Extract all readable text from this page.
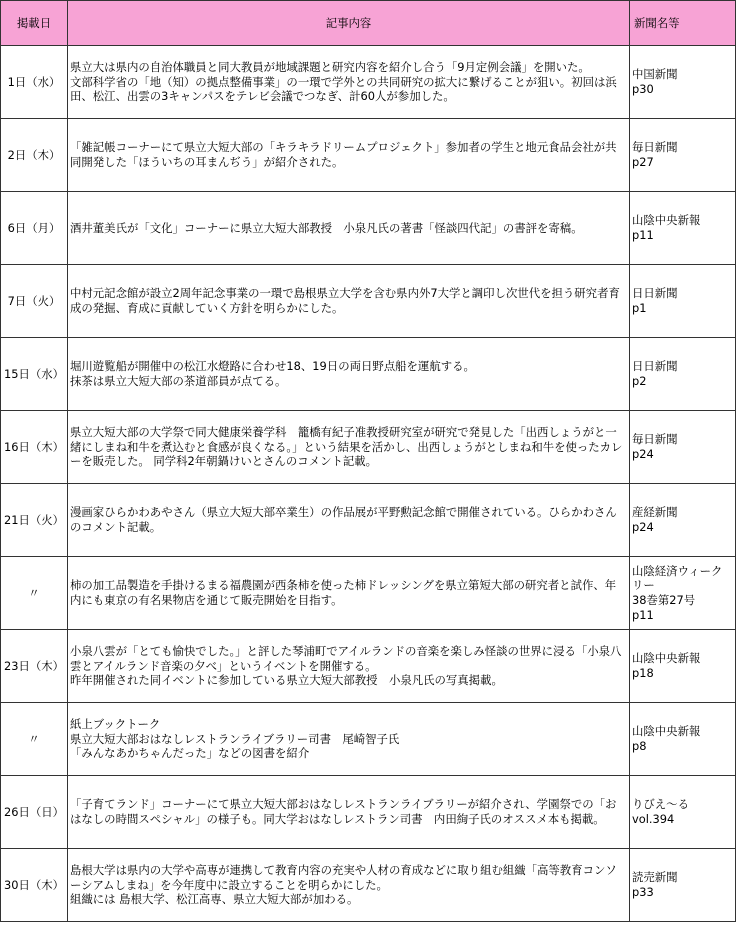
掲載日	記事内容	新聞名等
1日（水）	県立大は県内の自治体職員と同大教員が地域課題と研究内容を紹介し合う「9月定例会議」を開いた。
文部科学省の「地（知）の拠点整備事業」の一環で学外との共同研究の拡大に繋げることが狙い。初回は浜田、松江、出雲の3キャンパスをテレビ会議でつなぎ、計60人が参加した。	中国新聞
p30
2日（木）	「雑記帳コーナーにて県立大短大部の「キラキラドリームプロジェクト」参加者の学生と地元食品会社が共同開発した「ほういちの耳まんぢう」が紹介された。	毎日新聞
p27
6日（月）	酒井董美氏が「文化」コーナーに県立大短大部教授　小泉凡氏の著書「怪談四代記」の書評を寄稿。	山陰中央新報
p11
7日（火）	中村元記念館が設立2周年記念事業の一環で島根県立大学を含む県内外7大学と調印し次世代を担う研究者育成の発掘、育成に貢献していく方針を明らかにした。	日日新聞
p1
15日（水）	堀川遊覧船が開催中の松江水燈路に合わせ18、19日の両日野点船を運航する。
抹茶は県立大短大部の茶道部員が点てる。	日日新聞
p2
16日（木）	県立大短大部の大学祭で同大健康栄養学科　籠橋有紀子准教授研究室が研究で発見した「出西しょうがと一緒にしまね和牛を煮込むと食感が良くなる。」という結果を活かし、出西しょうがとしまね和牛を使ったカレーを販売した。 同学科2年朝鍋けいとさんのコメント記載。	毎日新聞
p24
21日（火）	漫画家ひらかわあやさん（県立大短大部卒業生）の作品展が平野勲記念館で開催されている。ひらかわさんのコメント記載。	産経新聞
p24
〃	柿の加工品製造を手掛けるまる福農園が西条柿を使った柿ドレッシングを県立第短大部の研究者と試作、年内にも東京の有名果物店を通じて販売開始を目指す。	山陰経済ウィークリー
38巻第27号
p11
23日（木）	小泉八雲が「とても愉快でした。」と評した琴浦町でアイルランドの音楽を楽しみ怪談の世界に浸る「小泉八雲とアイルランド音楽の夕べ」というイベントを開催する。
昨年開催された同イベントに参加している県立大短大部教授　小泉凡氏の写真掲載。	山陰中央新報
p18
〃	紙上ブックトーク
県立大短大部おはなしレストランライブラリー司書　尾崎智子氏
「みんなあかちゃんだった」などの図書を紹介	山陰中央新報
p8
26日（日）	「子育てランド」コーナーにて県立大短大部おはなしレストランライブラリーが紹介され、学園祭での「おはなしの時間スペシャル」の様子も。同大学おはなしレストラン司書　内田絢子氏のオススメ本も掲載。	りびえ～る
vol.394
30日（木）	島根大学は県内の大学や高専が連携して教育内容の充実や人材の育成などに取り組む組織「高等教育コンソーシアムしまね」を今年度中に設立することを明らかにした。
組織には 島根大学、松江高専、県立大短大部が加わる。	読売新聞
p33
